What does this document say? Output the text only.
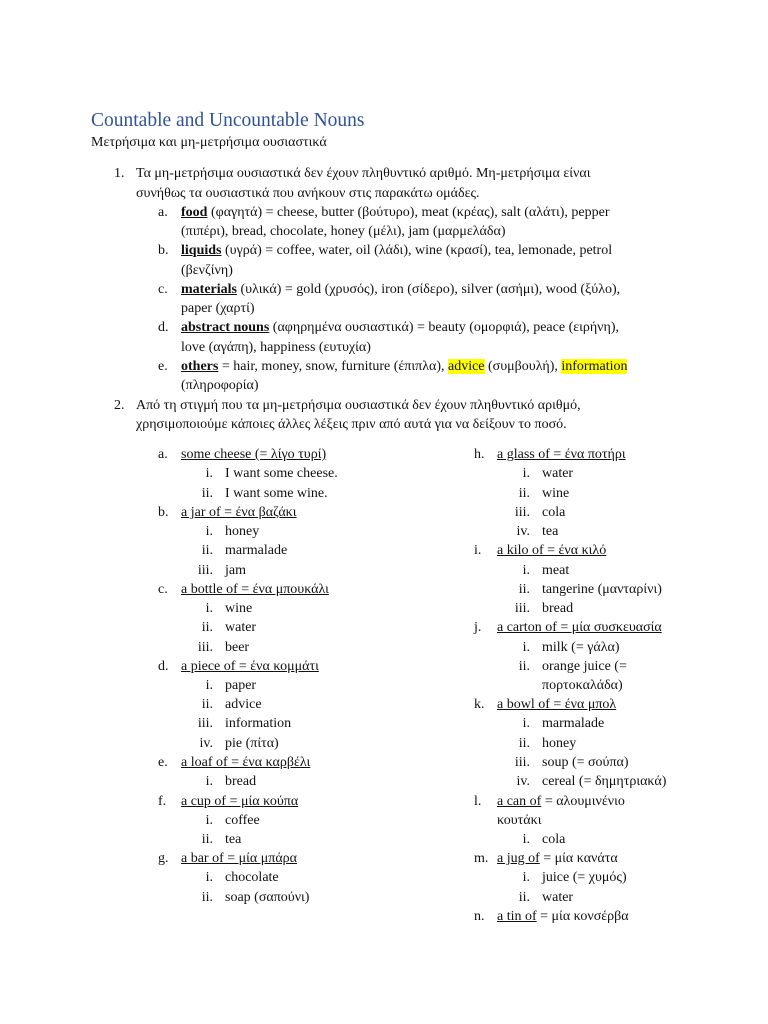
Countable and Uncountable Nouns
Μετρήσιμα και μη-μετρήσιμα ουσιαστικά
1. Τα μη-μετρήσιμα ουσιαστικά δεν έχουν πληθυντικό αριθμό. Μη-μετρήσιμα είναι
συνήθως τα ουσιαστικά που ανήκουν στις παρακάτω ομάδες.
a. food (φαγητά) = cheese, butter (βούτυρο), meat (κρέας), salt (αλάτι), pepper
(πιπέρι), bread, chocolate, honey (μέλι), jam (μαρμελάδα)
b. liquids (υγρά) = coffee, water, oil (λάδι), wine (κρασί), tea, lemonade, petrol
(βενζίνη)
c. materials (υλικά) = gold (χρυσός), iron (σίδερο), silver (ασήμι), wood (ξύλο),
paper (χαρτί)
d. abstract nouns (αφηρημένα ουσιαστικά) = beauty (ομορφιά), peace (ειρήνη),
love (αγάπη), happiness (ευτυχία)
e. others = hair, money, snow, furniture (έπιπλα), advice (συμβουλή), information
(πληροφορία)
2. Από τη στιγμή που τα μη-μετρήσιμα ουσιαστικά δεν έχουν πληθυντικό αριθμό,
χρησιμοποιούμε κάποιες άλλες λέξεις πριν από αυτά για να δείξουν το ποσό.
a. some cheese (= λίγο τυρί)
i. I want some cheese.
ii. I want some wine.
b. a jar of = ένα βαζάκι
i. honey
ii. marmalade
iii. jam
c. a bottle of = ένα μπουκάλι
i. wine
ii. water
iii. beer
d. a piece of = ένα κομμάτι
i. paper
ii. advice
iii. information
iv. pie (πίτα)
e. a loaf of = ένα καρβέλι
i. bread
f. a cup of = μία κούπα
i. coffee
ii. tea
g. a bar of = μία μπάρα
i. chocolate
ii. soap (σαπούνι)
h. a glass of = ένα ποτήρι
i. water
ii. wine
iii. cola
iv. tea
i. a kilo of = ένα κιλό
i. meat
ii. tangerine (μανταρίνι)
iii. bread
j. a carton of = μία συσκευασία
i. milk (= γάλα)
ii. orange juice (=
πορτοκαλάδα)
k. a bowl of = ένα μπολ
i. marmalade
ii. honey
iii. soup (= σούπα)
iv. cereal (= δημητριακά)
l. a can of = αλουμινένιο
κουτάκι
i. cola
m. a jug of = μία κανάτα
i. juice (= χυμός)
ii. water
n. a tin of = μία κονσέρβα
